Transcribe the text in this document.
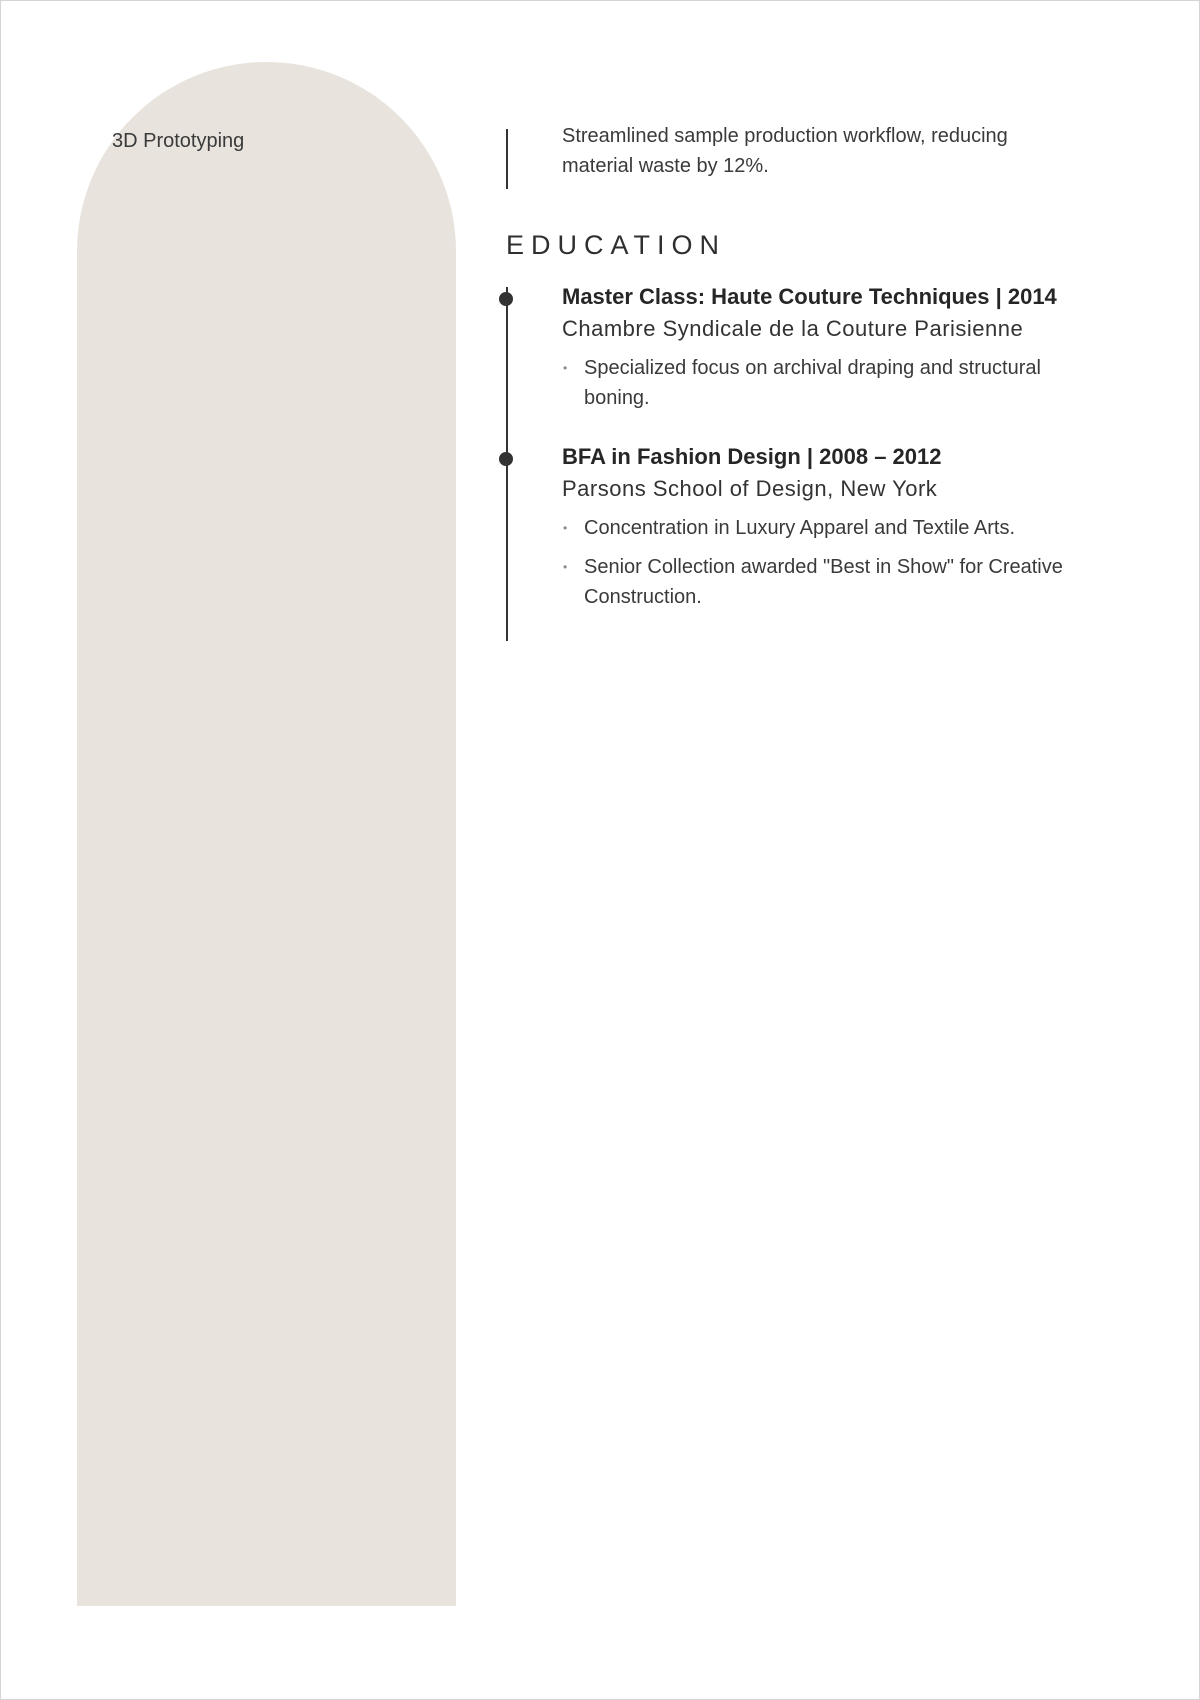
3D Prototyping	Streamlined sample production workflow, reducing material waste by 12%.

EDUCATION
Master Class: Haute Couture Techniques | 2014

Chambre Syndicale de la Couture Parisienne

• Specialized focus on archival draping and structural boning.
BFA in Fashion Design | 2008 – 2012

Parsons School of Design, New York

• Concentration in Luxury Apparel and Textile Arts.
• Senior Collection awarded "Best in Show" for Creative Construction.
